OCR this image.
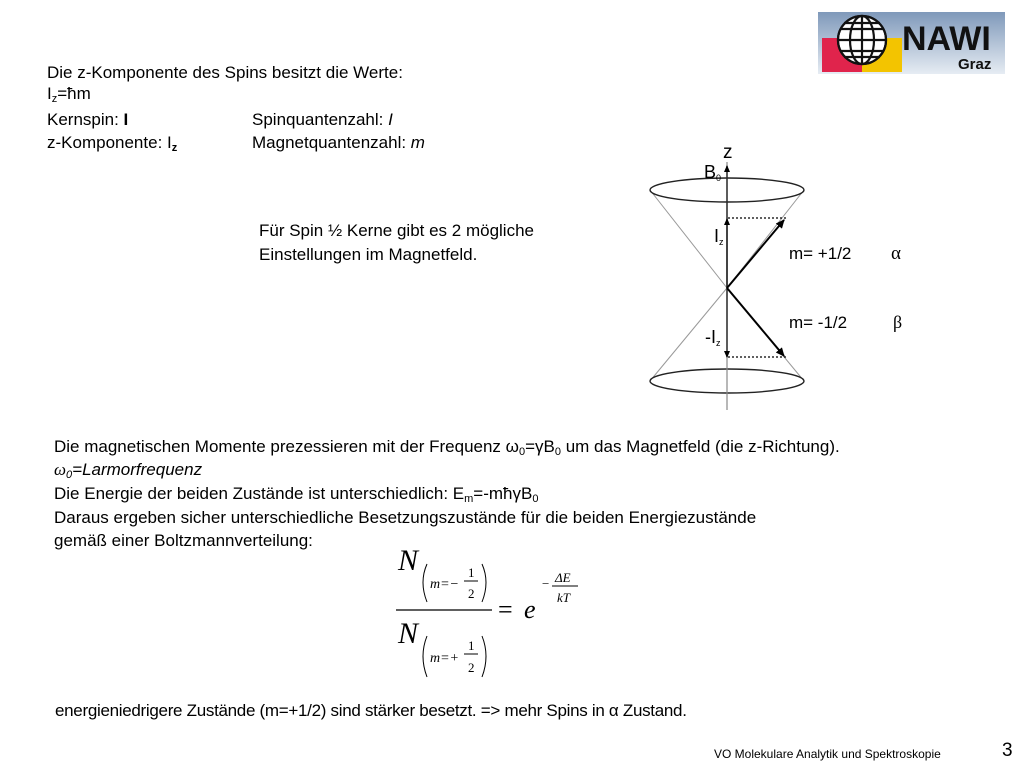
NAWI
Graz
Die z-Komponente des Spins besitzt die Werte:
$I_z=ħm$
Kernspin: I	Spinquantenzahl: I
z-Komponente: $I_z$	Magnetquantenzahl: m
Für Spin ½ Kerne gibt es 2 mögliche
Einstellungen im Magnetfeld.
z
$B_0$
$I_z$
$-I_z$
m= +1/2 α
m= -1/2	β
Die magnetischen Momente prezessieren mit der Frequenz $\omega_0=\gamma B_0$ um das Magnetfeld (die z-Richtung).
$\omega_0=Larmorfrequenz$
Die Energie der beiden Zustände ist unterschiedlich: $E_m=-mħ\gamma B_0$
Daraus ergeben sicher unterschiedliche Besetzungszustände für die beiden Energiezustände
gemäß einer Boltzmannverteilung:
N
m=−
1
2
N
m=+
1
2
= e
− ΔE
kT
energieniedrigere Zustände (m=+1/2) sind stärker besetzt. => mehr Spins in α Zustand.
VO Molekulare Analytik und Spektroskopie	3
